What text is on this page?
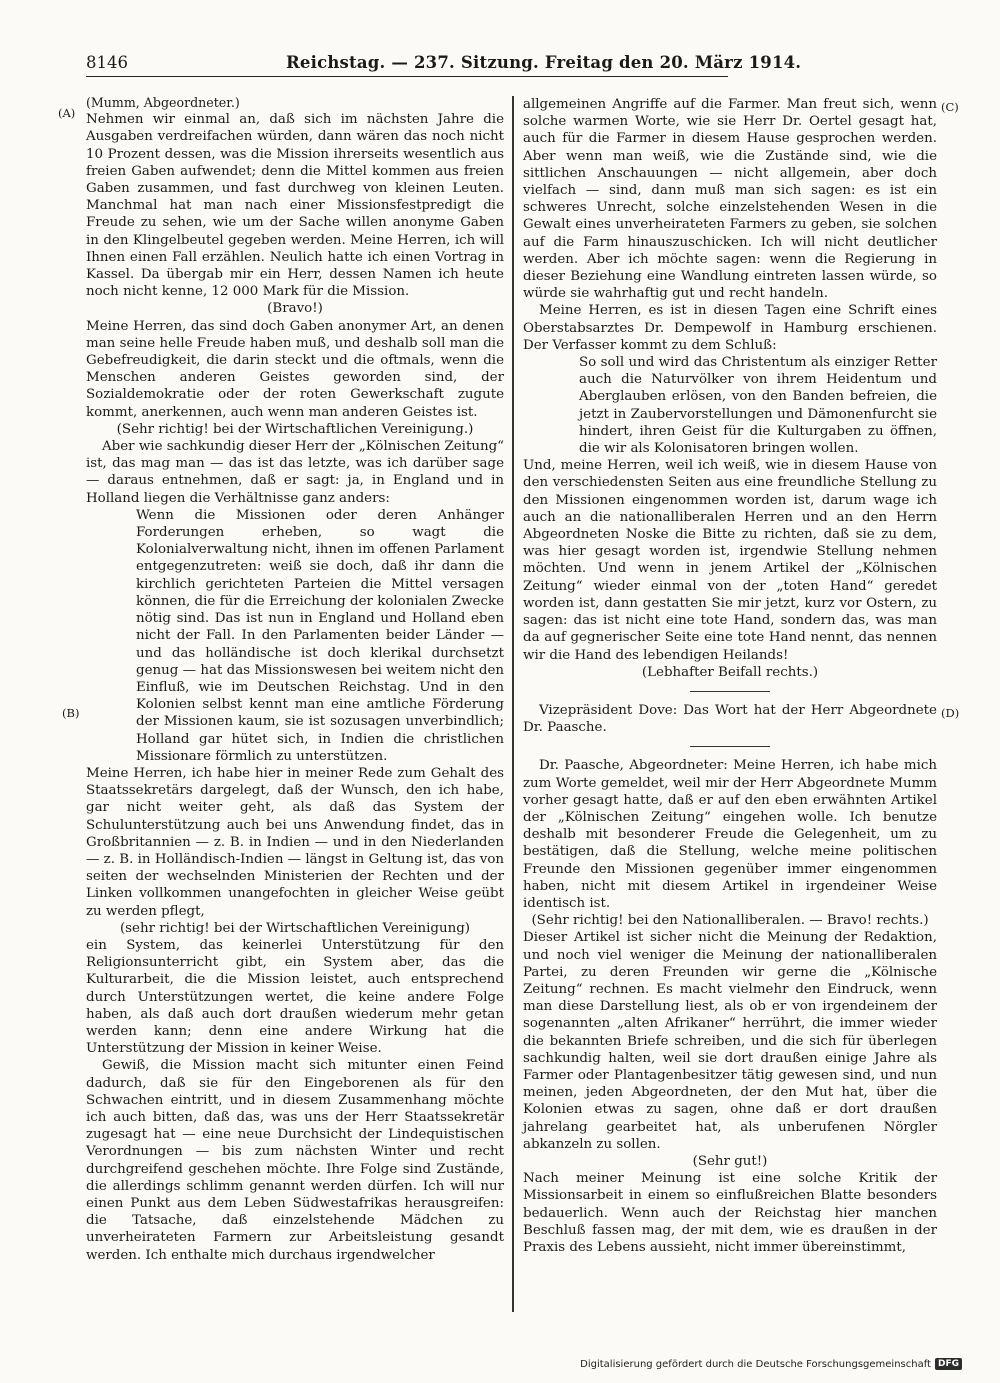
8146	Reichstag. — 237. Sitzung. Freitag den 20. März 1914.
(A)
(B)
(C)
(D)

(Mumm, Abgeordneter.)

Nehmen wir einmal an, daß sich im nächsten Jahre die Ausgaben verdreifachen würden, dann wären das noch nicht 10 Prozent dessen, was die Mission ihrerseits wesentlich aus freien Gaben aufwendet; denn die Mittel kommen aus freien Gaben zusammen, und fast durchweg von kleinen Leuten. Manchmal hat man nach einer Missionsfestpredigt die Freude zu sehen, wie um der Sache willen anonyme Gaben in den Klingelbeutel gegeben werden. Meine Herren, ich will Ihnen einen Fall erzählen. Neulich hatte ich einen Vortrag in Kassel. Da übergab mir ein Herr, dessen Namen ich heute noch nicht kenne, 12 000 Mark für die Mission.

(Bravo!)

Meine Herren, das sind doch Gaben anonymer Art, an denen man seine helle Freude haben muß, und deshalb soll man die Gebefreudigkeit, die darin steckt und die oftmals, wenn die Menschen anderen Geistes geworden sind, der Sozialdemokratie oder der roten Gewerkschaft zugute kommt, anerkennen, auch wenn man anderen Geistes ist.

(Sehr richtig! bei der Wirtschaftlichen Vereinigung.)

Aber wie sachkundig dieser Herr der „Kölnischen Zeitung“ ist, das mag man — das ist das letzte, was ich darüber sage — daraus entnehmen, daß er sagt: ja, in England und in Holland liegen die Verhältnisse ganz anders:

Wenn die Missionen oder deren Anhänger Forderungen erheben, so wagt die Kolonialverwaltung nicht, ihnen im offenen Parlament entgegenzutreten: weiß sie doch, daß ihr dann die kirchlich gerichteten Parteien die Mittel versagen können, die für die Erreichung der kolonialen Zwecke nötig sind. Das ist nun in England und Holland eben nicht der Fall. In den Parlamenten beider Länder — und das holländische ist doch klerikal durchsetzt genug — hat das Missionswesen bei weitem nicht den Einfluß, wie im Deutschen Reichstag. Und in den Kolonien selbst kennt man eine amtliche Förderung der Missionen kaum, sie ist sozusagen unverbindlich; Holland gar hütet sich, in Indien die christlichen Missionare förmlich zu unterstützen.

Meine Herren, ich habe hier in meiner Rede zum Gehalt des Staatssekretärs dargelegt, daß der Wunsch, den ich habe, gar nicht weiter geht, als daß das System der Schulunterstützung auch bei uns Anwendung findet, das in Großbritannien — z. B. in Indien — und in den Niederlanden — z. B. in Holländisch-Indien — längst in Geltung ist, das von seiten der wechselnden Ministerien der Rechten und der Linken vollkommen unangefochten in gleicher Weise geübt zu werden pflegt,

(sehr richtig! bei der Wirtschaftlichen Vereinigung)

ein System, das keinerlei Unterstützung für den Religionsunterricht gibt, ein System aber, das die Kulturarbeit, die die Mission leistet, auch entsprechend durch Unterstützungen wertet, die keine andere Folge haben, als daß auch dort draußen wiederum mehr getan werden kann; denn eine andere Wirkung hat die Unterstützung der Mission in keiner Weise.

Gewiß, die Mission macht sich mitunter einen Feind dadurch, daß sie für den Eingeborenen als für den Schwachen eintritt, und in diesem Zusammenhang möchte ich auch bitten, daß das, was uns der Herr Staatssekretär zugesagt hat — eine neue Durchsicht der Lindequistischen Verordnungen — bis zum nächsten Winter und recht durchgreifend geschehen möchte. Ihre Folge sind Zustände, die allerdings schlimm genannt werden dürfen. Ich will nur einen Punkt aus dem Leben Südwestafrikas herausgreifen: die Tatsache, daß einzelstehende Mädchen zu unverheirateten Farmern zur Arbeitsleistung gesandt werden. Ich enthalte mich durchaus irgendwelcher

allgemeinen Angriffe auf die Farmer. Man freut sich, wenn solche warmen Worte, wie sie Herr Dr. Oertel gesagt hat, auch für die Farmer in diesem Hause gesprochen werden. Aber wenn man weiß, wie die Zustände sind, wie die sittlichen Anschauungen — nicht allgemein, aber doch vielfach — sind, dann muß man sich sagen: es ist ein schweres Unrecht, solche einzelstehenden Wesen in die Gewalt eines unverheirateten Farmers zu geben, sie solchen auf die Farm hinauszuschicken. Ich will nicht deutlicher werden. Aber ich möchte sagen: wenn die Regierung in dieser Beziehung eine Wandlung eintreten lassen würde, so würde sie wahrhaftig gut und recht handeln.

Meine Herren, es ist in diesen Tagen eine Schrift eines Oberstabsarztes Dr. Dempewolf in Hamburg erschienen. Der Verfasser kommt zu dem Schluß:

So soll und wird das Christentum als einziger Retter auch die Naturvölker von ihrem Heidentum und Aberglauben erlösen, von den Banden befreien, die jetzt in Zaubervorstellungen und Dämonenfurcht sie hindert, ihren Geist für die Kulturgaben zu öffnen, die wir als Kolonisatoren bringen wollen.

Und, meine Herren, weil ich weiß, wie in diesem Hause von den verschiedensten Seiten aus eine freundliche Stellung zu den Missionen eingenommen worden ist, darum wage ich auch an die nationalliberalen Herren und an den Herrn Abgeordneten Noske die Bitte zu richten, daß sie zu dem, was hier gesagt worden ist, irgendwie Stellung nehmen möchten. Und wenn in jenem Artikel der „Kölnischen Zeitung“ wieder einmal von der „toten Hand“ geredet worden ist, dann gestatten Sie mir jetzt, kurz vor Ostern, zu sagen: das ist nicht eine tote Hand, sondern das, was man da auf gegnerischer Seite eine tote Hand nennt, das nennen wir die Hand des lebendigen Heilands!

(Lebhafter Beifall rechts.)

Vizepräsident Dove: Das Wort hat der Herr Abgeordnete Dr. Paasche.

Dr. Paasche, Abgeordneter: Meine Herren, ich habe mich zum Worte gemeldet, weil mir der Herr Abgeordnete Mumm vorher gesagt hatte, daß er auf den eben erwähnten Artikel der „Kölnischen Zeitung“ eingehen wolle. Ich benutze deshalb mit besonderer Freude die Gelegenheit, um zu bestätigen, daß die Stellung, welche meine politischen Freunde den Missionen gegenüber immer eingenommen haben, nicht mit diesem Artikel in irgendeiner Weise identisch ist.

(Sehr richtig! bei den Nationalliberalen. — Bravo! rechts.)

Dieser Artikel ist sicher nicht die Meinung der Redaktion, und noch viel weniger die Meinung der nationalliberalen Partei, zu deren Freunden wir gerne die „Kölnische Zeitung“ rechnen. Es macht vielmehr den Eindruck, wenn man diese Darstellung liest, als ob er von irgendeinem der sogenannten „alten Afrikaner“ herrührt, die immer wieder die bekannten Briefe schreiben, und die sich für überlegen sachkundig halten, weil sie dort draußen einige Jahre als Farmer oder Plantagenbesitzer tätig gewesen sind, und nun meinen, jeden Abgeordneten, der den Mut hat, über die Kolonien etwas zu sagen, ohne daß er dort draußen jahrelang gearbeitet hat, als unberufenen Nörgler abkanzeln zu sollen.

(Sehr gut!)

Nach meiner Meinung ist eine solche Kritik der Missionsarbeit in einem so einflußreichen Blatte besonders bedauerlich. Wenn auch der Reichstag hier manchen Beschluß fassen mag, der mit dem, wie es draußen in der Praxis des Lebens aussieht, nicht immer übereinstimmt,

Digitalisierung gefördert durch die Deutsche Forschungsgemeinschaft DFG
